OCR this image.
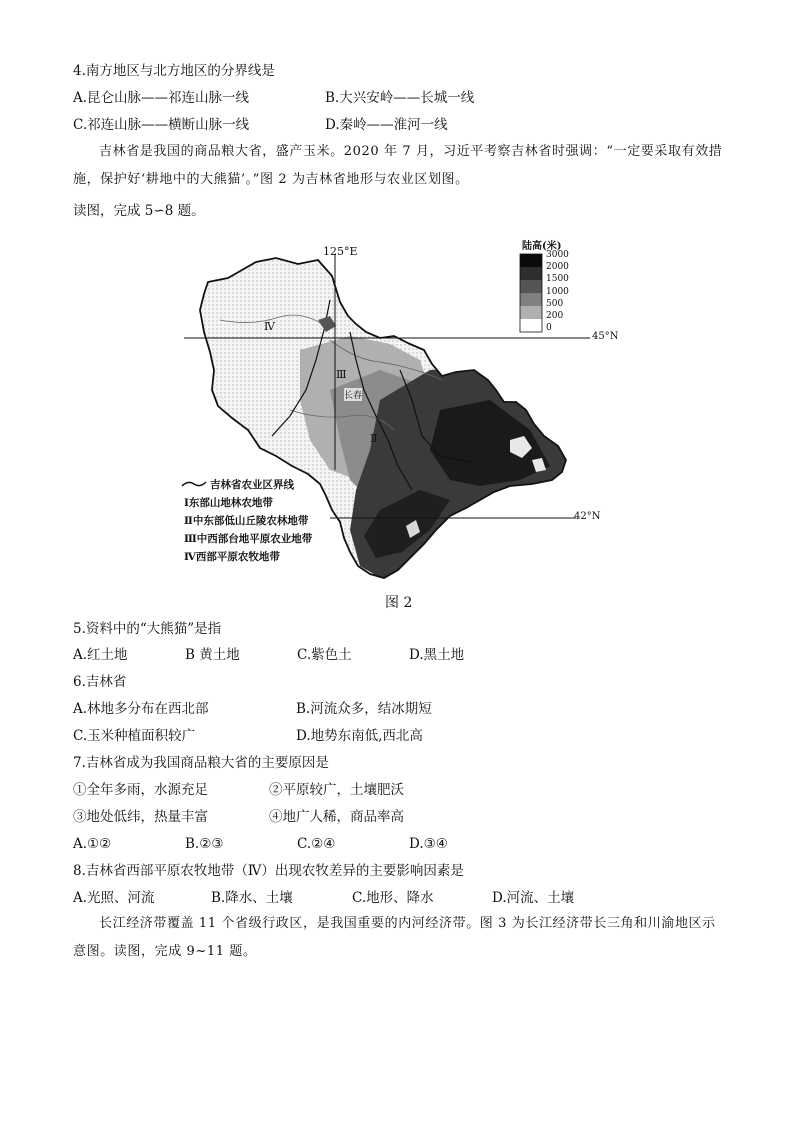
4.南方地区与北方地区的分界线是
A.昆仑山脉——祁连山脉一线	B.大兴安岭——长城一线
C.祁连山脉——横断山脉一线	D.秦岭——淮河一线
吉林省是我国的商品粮大省，盛产玉米。2020 年 7 月，习近平考察吉林省时强调：“一定要采取有效措施，保护好‘耕地中的大熊猫’。”图 2 为吉林省地形与农业区划图。
读图，完成 5∽8 题。
125°E
45°N
42°N
陆高(米)
3000
2000
1500
1000
500
200
0
Ⅳ
Ⅲ
Ⅱ
长春
吉林省农业区界线
Ⅰ东部山地林农地带
Ⅱ中东部低山丘陵农林地带
Ⅲ中西部台地平原农业地带
Ⅳ西部平原农牧地带
图 2
5.资料中的“大熊猫”是指
A.红土地	B 黄土地	C.紫色土	D.黑土地
6.吉林省
A.林地多分布在西北部	B.河流众多，结冰期短
C.玉米种植面积较广	D.地势东南低,西北高
7.吉林省成为我国商品粮大省的主要原因是
①全年多雨，水源充足	②平原较广，土壤肥沃
③地处低纬，热量丰富	④地广人稀，商品率高
A.①②	B.②③	C.②④	D.③④
8.吉林省西部平原农牧地带（Ⅳ）出现农牧差异的主要影响因素是
A.光照、河流	B.降水、土壤	C.地形、降水	D.河流、土壤
长江经济带覆盖 11 个省级行政区，是我国重要的内河经济带。图 3 为长江经济带长三角和川渝地区示意图。读图，完成 9~11 题。
